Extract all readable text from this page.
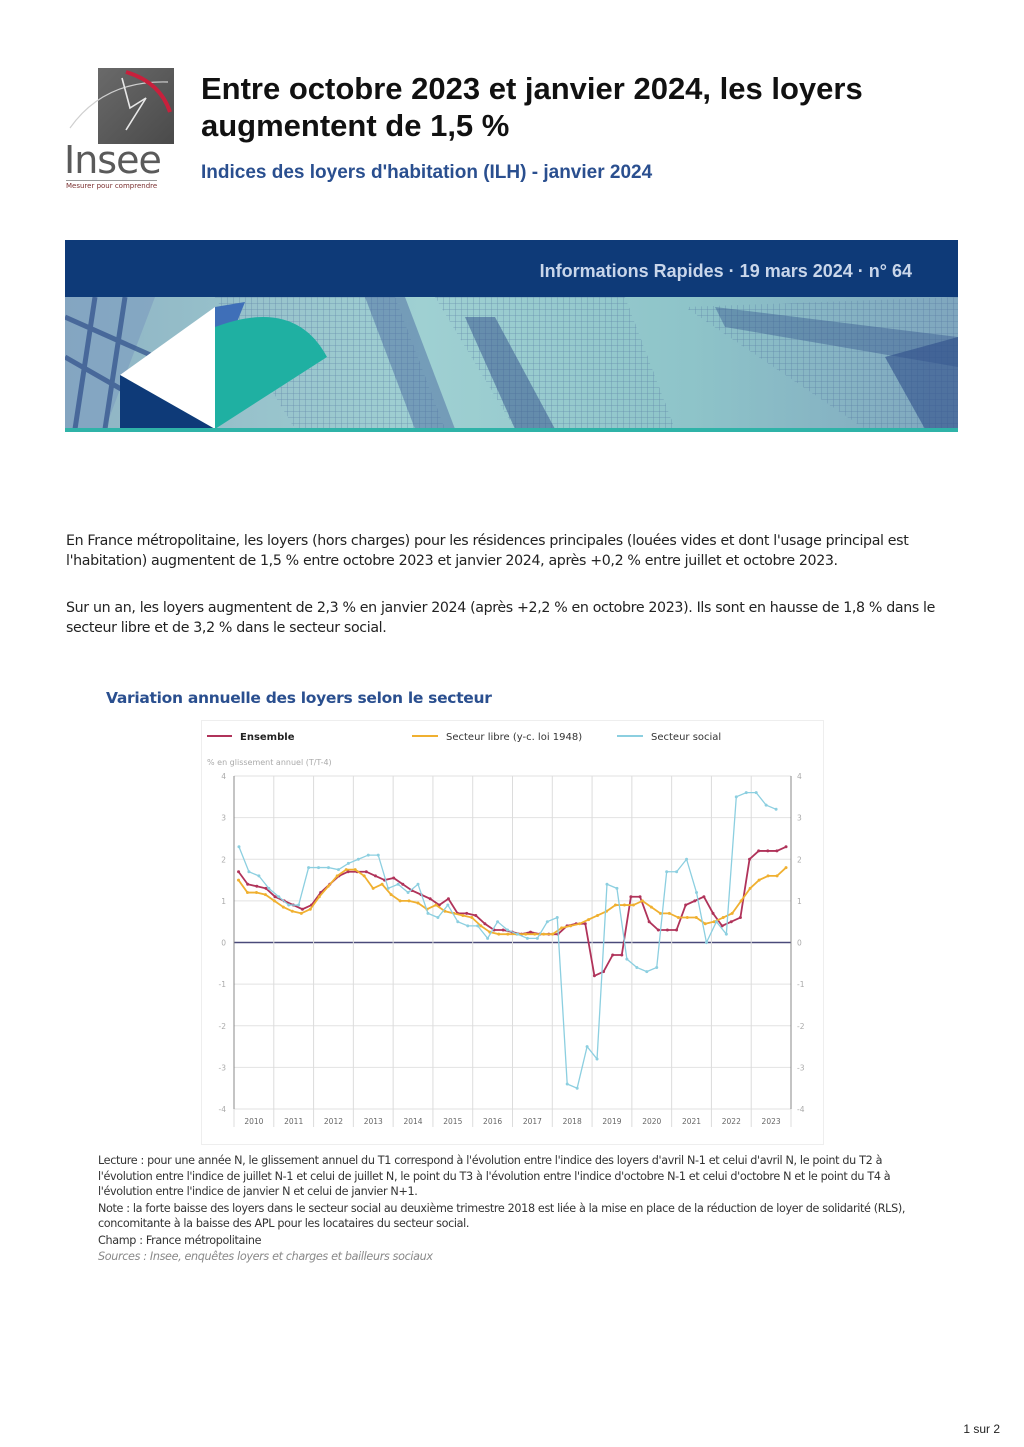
Insee
Mesurer pour comprendre
Entre octobre 2023 et janvier 2024, les loyers augmentent de 1,5 %
Indices des loyers d'habitation (ILH) - janvier 2024
Informations Rapides · 19 mars 2024 · n° 64

En France métropolitaine, les loyers (hors charges) pour les résidences principales (louées vides et dont l'usage principal est l'habitation) augmentent de 1,5 % entre octobre 2023 et janvier 2024, après +0,2 % entre juillet et octobre 2023.

Sur un an, les loyers augmentent de 2,3 % en janvier 2024 (après +2,2 % en octobre 2023). Ils sont en hausse de 1,8 % dans le secteur libre et de 3,2 % dans le secteur social.

Variation annuelle des loyers selon le secteur
Ensemble	Secteur libre (y-c. loi 1948)	Secteur social
% en glissement annuel (T/T-4)
4	4
3	3
2	2
1	1
0	0
-1	-1
-2	-2
-3	-3
-4	-4
2010	2011	2012	2013	2014	2015	2016	2017	2018	2019	2020	2021	2022	2023

Lecture : pour une année N, le glissement annuel du T1 correspond à l'évolution entre l'indice des loyers d'avril N-1 et celui d'avril N, le point du T2 à l'évolution entre l'indice de juillet N-1 et celui de juillet N, le point du T3 à l'évolution entre l'indice d'octobre N-1 et celui d'octobre N et le point du T4 à l'évolution entre l'indice de janvier N et celui de janvier N+1.

Note : la forte baisse des loyers dans le secteur social au deuxième trimestre 2018 est liée à la mise en place de la réduction de loyer de solidarité (RLS), concomitante à la baisse des APL pour les locataires du secteur social.

Champ : France métropolitaine

Sources : Insee, enquêtes loyers et charges et bailleurs sociaux

1 sur 2
